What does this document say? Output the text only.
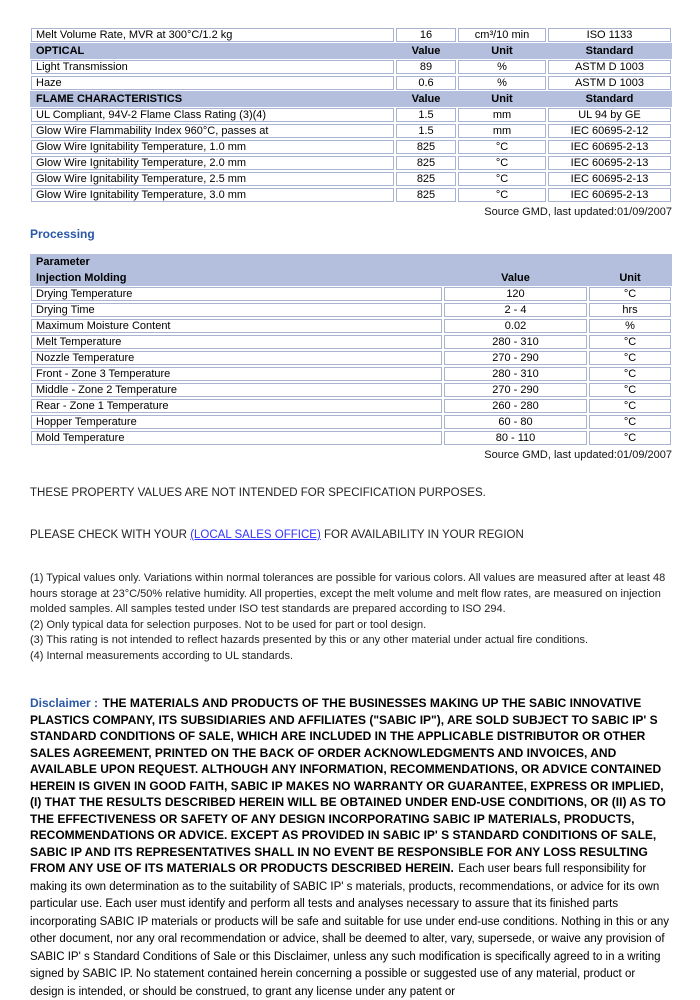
Melt Volume Rate, MVR at 300°C/1.2 kg	16	cm³/10 min	ISO 1133
OPTICAL	Value	Unit	Standard
Light Transmission	89	%	ASTM D 1003
Haze	0.6	%	ASTM D 1003
FLAME CHARACTERISTICS	Value	Unit	Standard
UL Compliant, 94V-2 Flame Class Rating (3)(4)	1.5	mm	UL 94 by GE
Glow Wire Flammability Index 960°C, passes at	1.5	mm	IEC 60695-2-12
Glow Wire Ignitability Temperature, 1.0 mm	825	°C	IEC 60695-2-13
Glow Wire Ignitability Temperature, 2.0 mm	825	°C	IEC 60695-2-13
Glow Wire Ignitability Temperature, 2.5 mm	825	°C	IEC 60695-2-13
Glow Wire Ignitability Temperature, 3.0 mm	825	°C	IEC 60695-2-13
Source GMD, last updated:01/09/2007
Processing
Parameter		
Injection Molding	Value	Unit
Drying Temperature	120	°C
Drying Time	2 - 4	hrs
Maximum Moisture Content	0.02	%
Melt Temperature	280 - 310	°C
Nozzle Temperature	270 - 290	°C
Front - Zone 3 Temperature	280 - 310	°C
Middle - Zone 2 Temperature	270 - 290	°C
Rear - Zone 1 Temperature	260 - 280	°C
Hopper Temperature	60 - 80	°C
Mold Temperature	80 - 110	°C
Source GMD, last updated:01/09/2007
THESE PROPERTY VALUES ARE NOT INTENDED FOR SPECIFICATION PURPOSES.
PLEASE CHECK WITH YOUR (LOCAL SALES OFFICE) FOR AVAILABILITY IN YOUR REGION
(1) Typical values only. Variations within normal tolerances are possible for various colors. All values are measured after at least 48 hours storage at 23°C/50% relative humidity. All properties, except the melt volume and melt flow rates, are measured on injection molded samples. All samples tested under ISO test standards are prepared according to ISO 294.
(2) Only typical data for selection purposes. Not to be used for part or tool design.
(3) This rating is not intended to reflect hazards presented by this or any other material under actual fire conditions.
(4) Internal measurements according to UL standards.
Disclaimer : THE MATERIALS AND PRODUCTS OF THE BUSINESSES MAKING UP THE SABIC INNOVATIVE PLASTICS COMPANY, ITS SUBSIDIARIES AND AFFILIATES ("SABIC IP"), ARE SOLD SUBJECT TO SABIC IP' S STANDARD CONDITIONS OF SALE, WHICH ARE INCLUDED IN THE APPLICABLE DISTRIBUTOR OR OTHER SALES AGREEMENT, PRINTED ON THE BACK OF ORDER ACKNOWLEDGMENTS AND INVOICES, AND AVAILABLE UPON REQUEST. ALTHOUGH ANY INFORMATION, RECOMMENDATIONS, OR ADVICE CONTAINED HEREIN IS GIVEN IN GOOD FAITH, SABIC IP MAKES NO WARRANTY OR GUARANTEE, EXPRESS OR IMPLIED, (I) THAT THE RESULTS DESCRIBED HEREIN WILL BE OBTAINED UNDER END-USE CONDITIONS, OR (II) AS TO THE EFFECTIVENESS OR SAFETY OF ANY DESIGN INCORPORATING SABIC IP MATERIALS, PRODUCTS, RECOMMENDATIONS OR ADVICE. EXCEPT AS PROVIDED IN SABIC IP' S STANDARD CONDITIONS OF SALE, SABIC IP AND ITS REPRESENTATIVES SHALL IN NO EVENT BE RESPONSIBLE FOR ANY LOSS RESULTING FROM ANY USE OF ITS MATERIALS OR PRODUCTS DESCRIBED HEREIN. Each user bears full responsibility for making its own determination as to the suitability of SABIC IP' s materials, products, recommendations, or advice for its own particular use. Each user must identify and perform all tests and analyses necessary to assure that its finished parts incorporating SABIC IP materials or products will be safe and suitable for use under end-use conditions. Nothing in this or any other document, nor any oral recommendation or advice, shall be deemed to alter, vary, supersede, or waive any provision of SABIC IP' s Standard Conditions of Sale or this Disclaimer, unless any such modification is specifically agreed to in a writing signed by SABIC IP. No statement contained herein concerning a possible or suggested use of any material, product or design is intended, or should be construed, to grant any license under any patent or
